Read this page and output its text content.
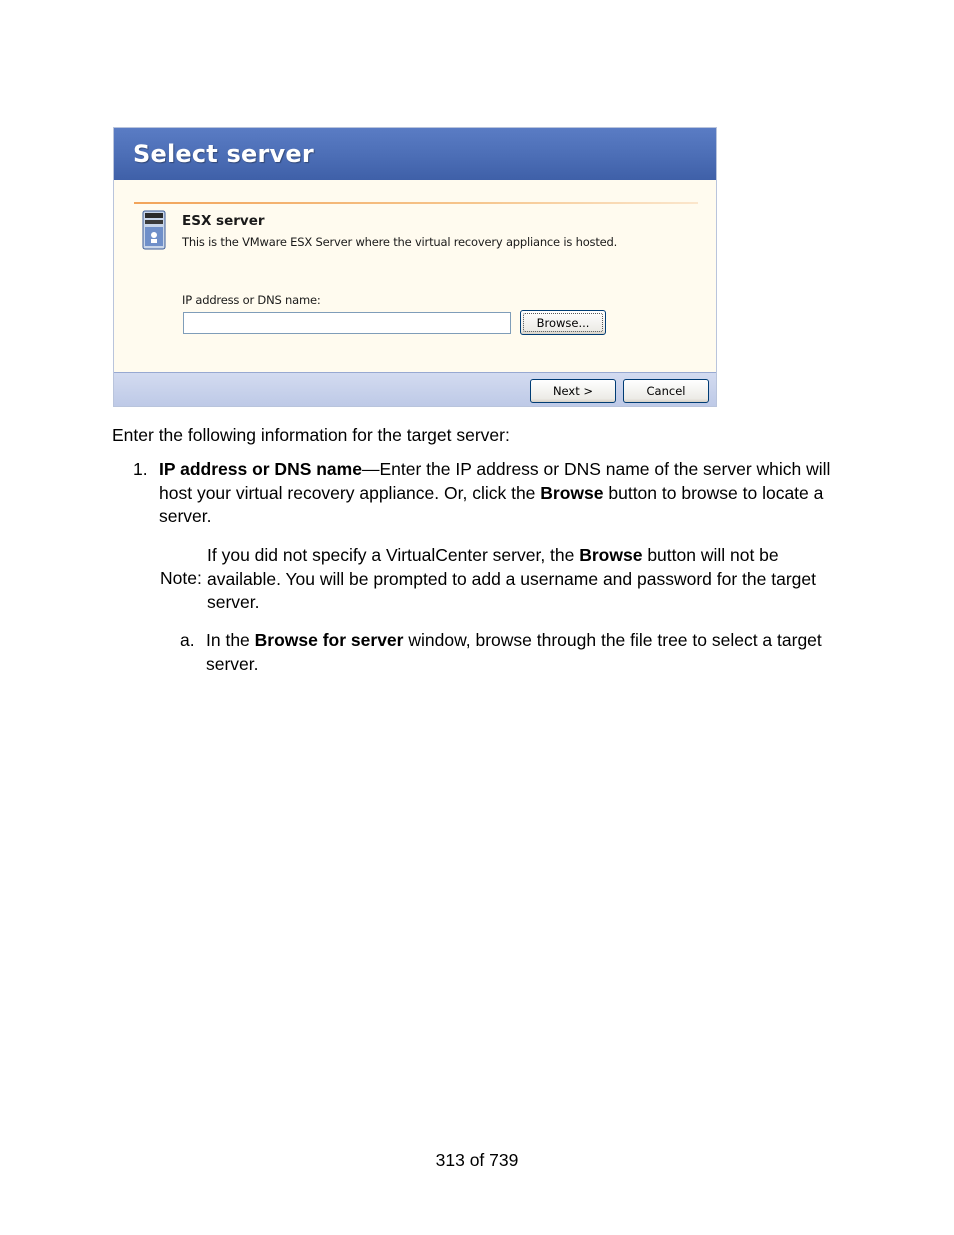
Select server
ESX server
This is the VMware ESX Server where the virtual recovery appliance is hosted.
IP address or DNS name:
Browse...
Next >	Cancel
Enter the following information for the target server:
1. IP address or DNS name—Enter the IP address or DNS name of the server which will host your virtual recovery appliance. Or, click the Browse button to browse to locate a server.
Note:
If you did not specify a VirtualCenter server, the Browse button will not be available. You will be prompted to add a username and password for the target server.
a. In the Browse for server window, browse through the file tree to select a target server.
313 of 739
